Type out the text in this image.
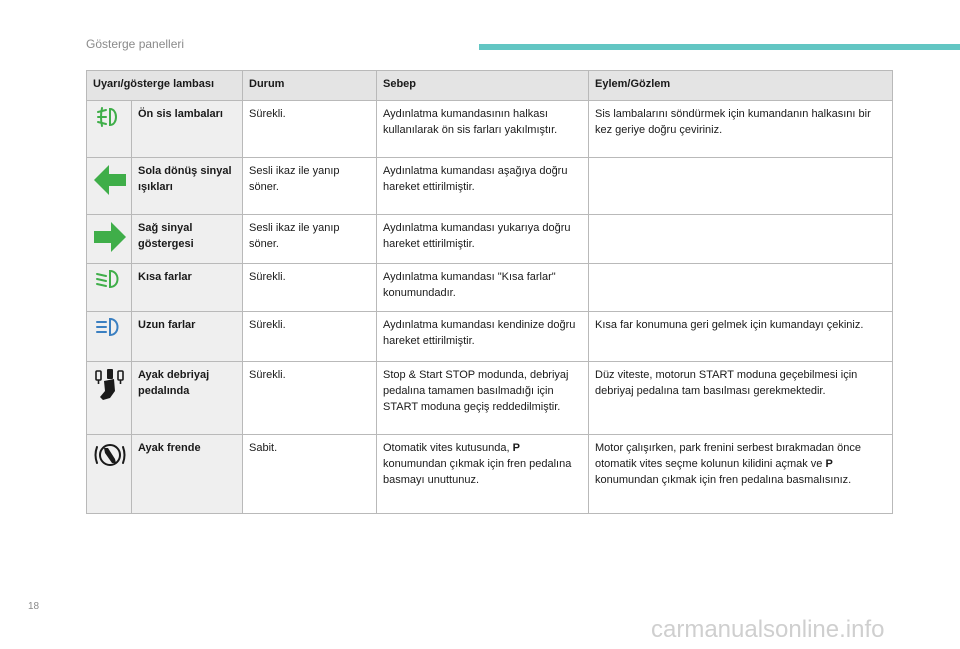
Gösterge panelleri
Uyarı/gösterge lambası		Durum	Sebep	Eylem/Gözlem
	Ön sis lambaları	Sürekli.	Aydınlatma kumandasının halkası kullanılarak ön sis farları yakılmıştır.	Sis lambalarını söndürmek için kumandanın halkasını bir kez geriye doğru çeviriniz.
	Sola dönüş sinyal ışıkları	Sesli ikaz ile yanıp söner.	Aydınlatma kumandası aşağıya doğru hareket ettirilmiştir.	
	Sağ sinyal göstergesi	Sesli ikaz ile yanıp söner.	Aydınlatma kumandası yukarıya doğru hareket ettirilmiştir.	
	Kısa farlar	Sürekli.	Aydınlatma kumandası "Kısa farlar" konumundadır.	
	Uzun farlar	Sürekli.	Aydınlatma kumandası kendinize doğru hareket ettirilmiştir.	Kısa far konumuna geri gelmek için kumandayı çekiniz.
	Ayak debriyaj pedalında	Sürekli.	Stop & Start STOP modunda, debriyaj pedalına tamamen basılmadığı için START moduna geçiş reddedilmiştir.	Düz viteste, motorun START moduna geçebilmesi için debriyaj pedalına tam basılması gerekmektedir.
	Ayak frende	Sabit.	Otomatik vites kutusunda, P konumundan çıkmak için fren pedalına basmayı unuttunuz.	Motor çalışırken, park frenini serbest bırakmadan önce otomatik vites seçme kolunun kilidini açmak ve P konumundan çıkmak için fren pedalına basmalısınız.
18
carmanualsonline.info
